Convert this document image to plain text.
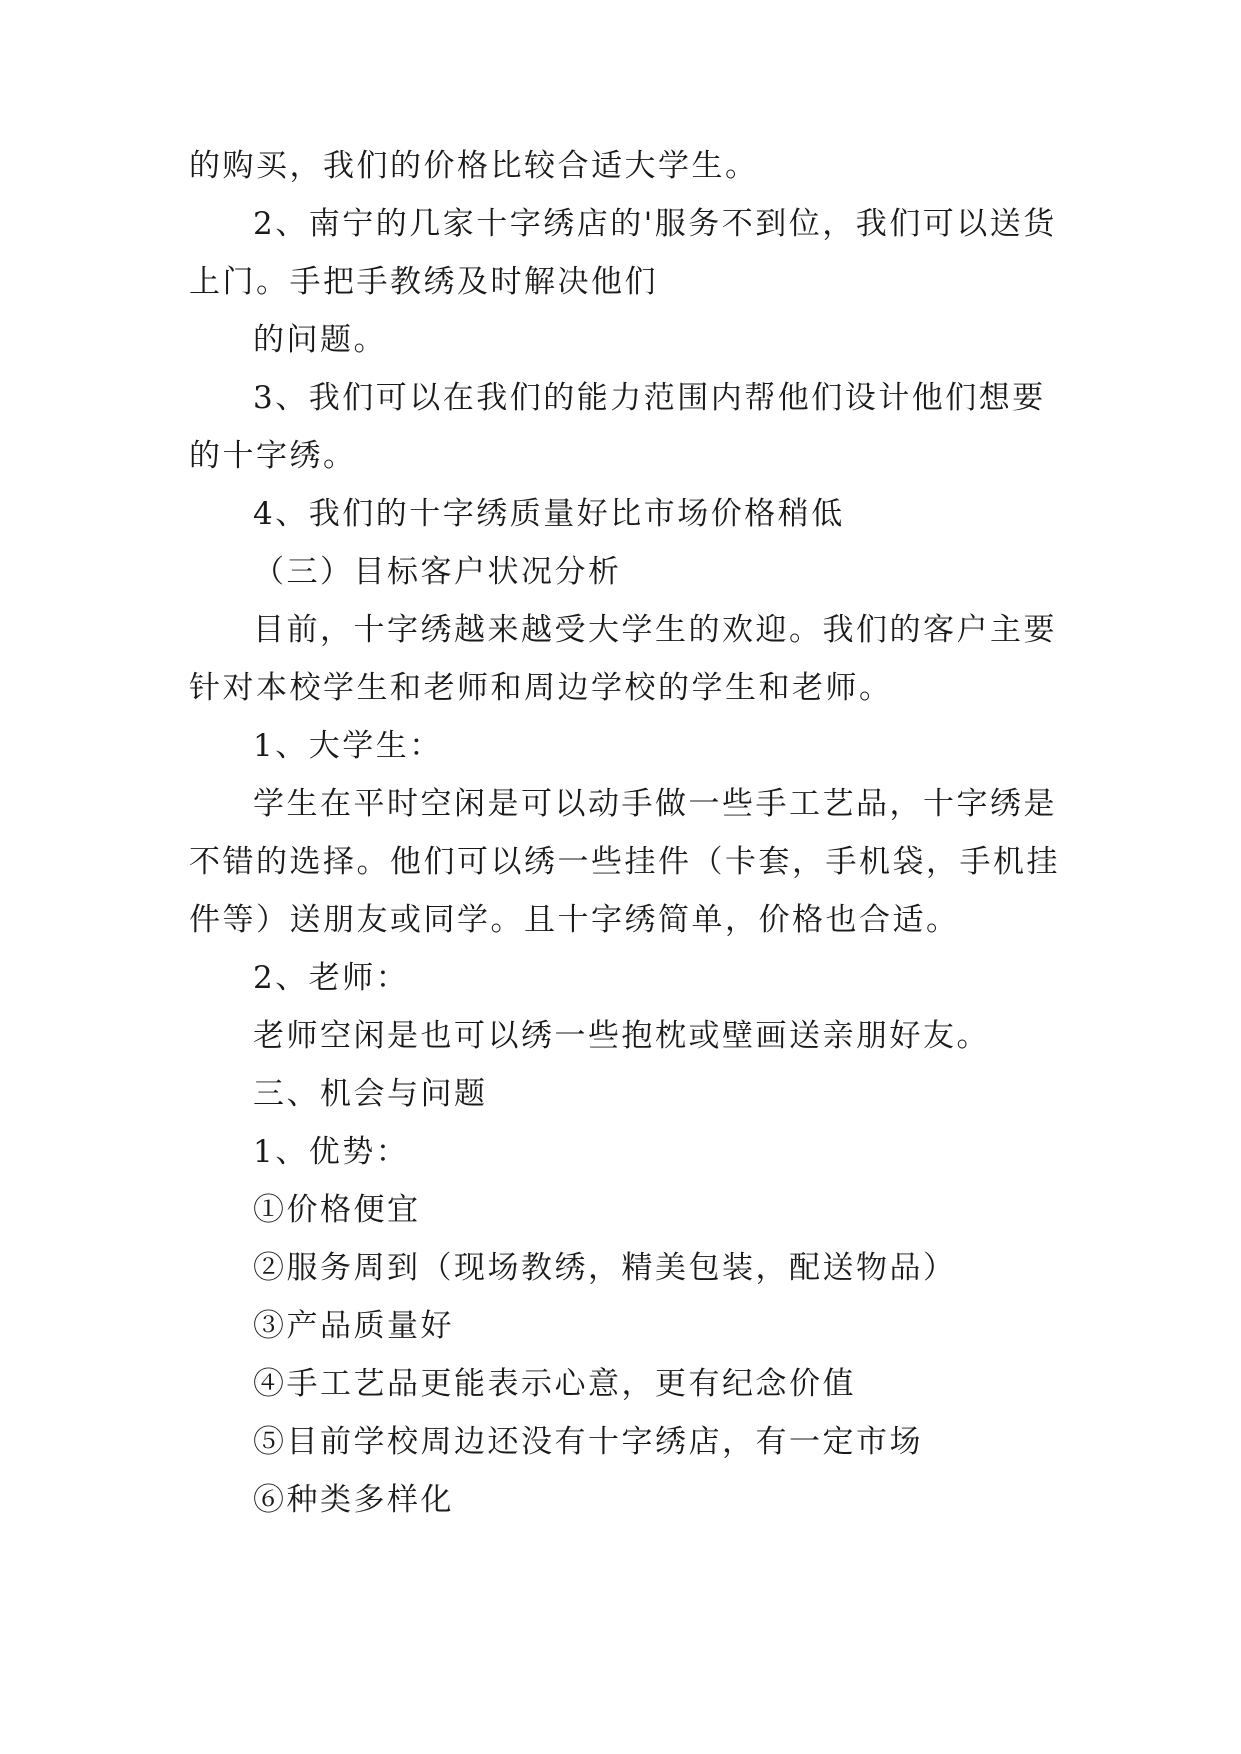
的购买，我们的价格比较合适大学生。
2、南宁的几家十字绣店的'服务不到位，我们可以送货
上门。手把手教绣及时解决他们
的问题。
3、我们可以在我们的能力范围内帮他们设计他们想要
的十字绣。
4、我们的十字绣质量好比市场价格稍低
（三）目标客户状况分析
目前，十字绣越来越受大学生的欢迎。我们的客户主要
针对本校学生和老师和周边学校的学生和老师。
1、大学生：
学生在平时空闲是可以动手做一些手工艺品，十字绣是
不错的选择。他们可以绣一些挂件（卡套，手机袋，手机挂
件等）送朋友或同学。且十字绣简单，价格也合适。
2、老师：
老师空闲是也可以绣一些抱枕或壁画送亲朋好友。
三、机会与问题
1、优势：
①价格便宜
②服务周到（现场教绣，精美包装，配送物品）
③产品质量好
④手工艺品更能表示心意，更有纪念价值
⑤目前学校周边还没有十字绣店，有一定市场
⑥种类多样化
